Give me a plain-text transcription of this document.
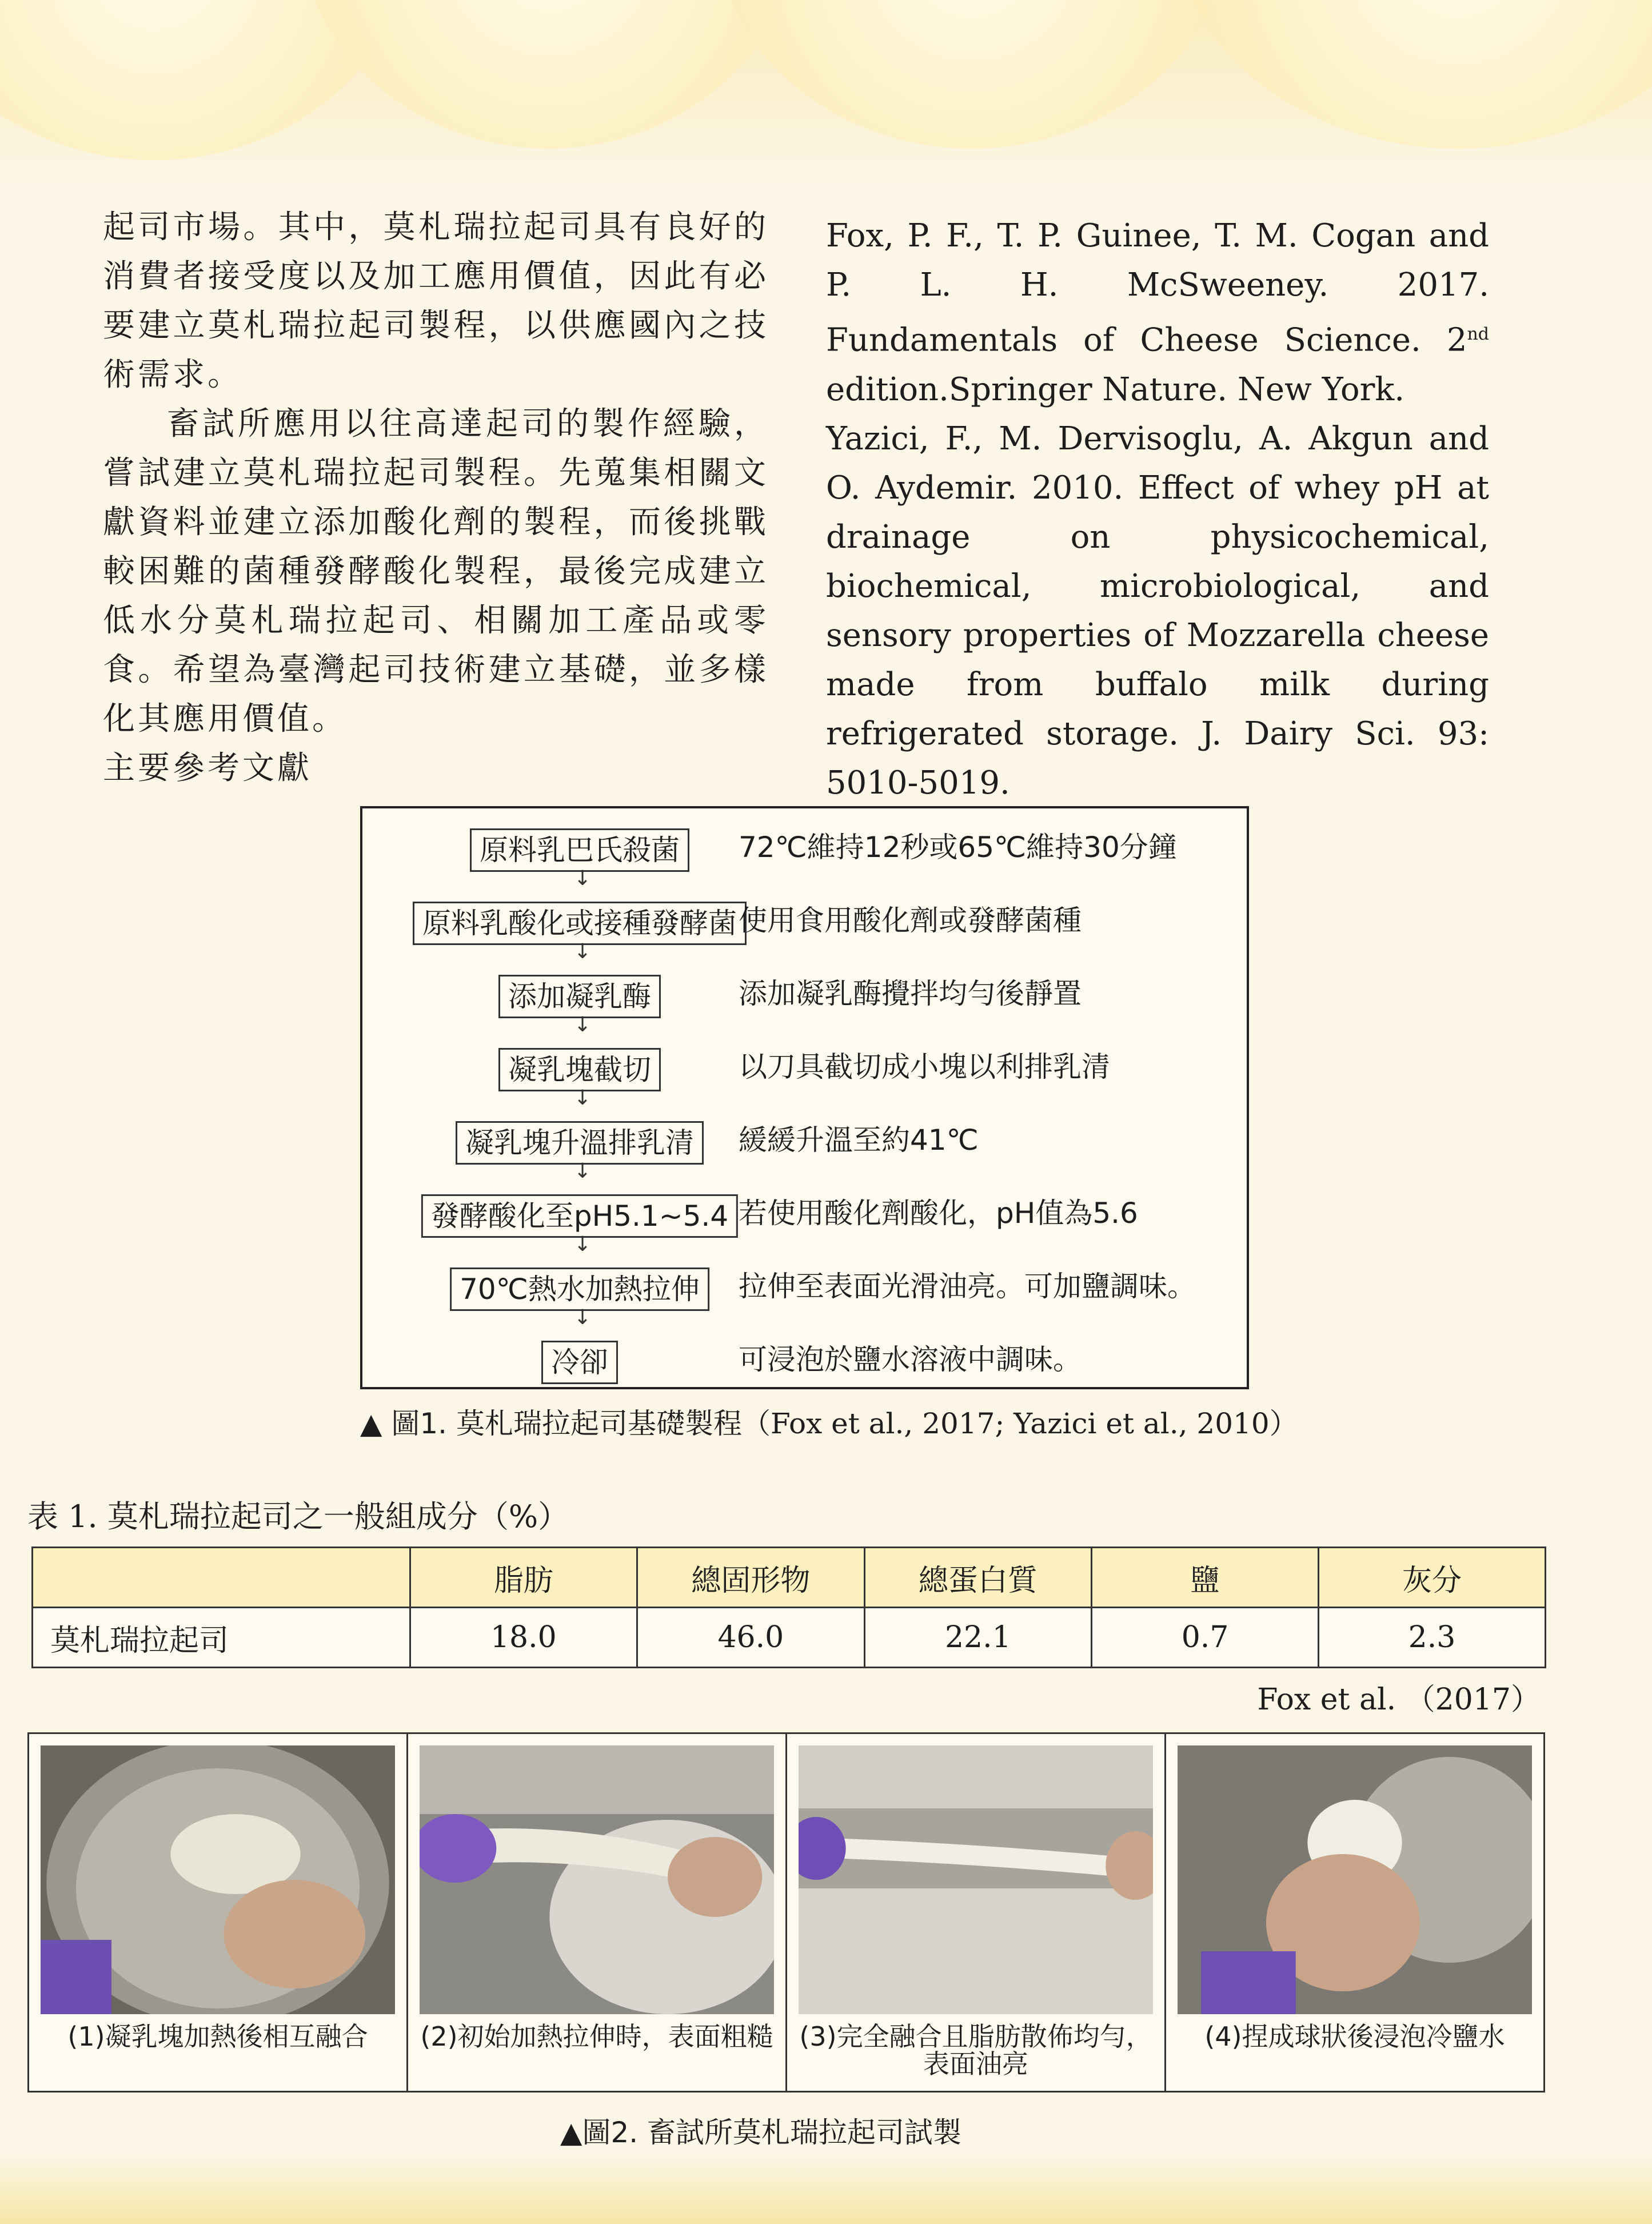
起司市場。其中，莫札瑞拉起司具有良好的消費者接受度以及加工應用價值，因此有必要建立莫札瑞拉起司製程，以供應國內之技術需求。

畜試所應用以往高達起司的製作經驗，嘗試建立莫札瑞拉起司製程。先蒐集相關文獻資料並建立添加酸化劑的製程，而後挑戰較困難的菌種發酵酸化製程，最後完成建立低水分莫札瑞拉起司、相關加工產品或零食。希望為臺灣起司技術建立基礎，並多樣化其應用價值。

主要參考文獻

Fox, P. F., T. P. Guinee, T. M. Cogan and P. L. H. McSweeney. 2017. Fundamentals of Cheese Science. 2nd edition.Springer Nature. New York.

Yazici, F., M. Dervisoglu, A. Akgun and O. Aydemir. 2010. Effect of whey pH at drainage on physicochemical, biochemical, microbiological, and sensory properties of Mozzarella cheese made from buffalo milk during refrigerated storage. J. Dairy Sci. 93: 5010-5019.

原料乳巴氏殺菌	72℃維持12秒或65℃維持30分鐘
↓
原料乳酸化或接種發酵菌 使用食用酸化劑或發酵菌種
↓
添加凝乳酶	添加凝乳酶攪拌均勻後靜置
↓
凝乳塊截切	以刀具截切成小塊以利排乳清
↓
凝乳塊升溫排乳清	緩緩升溫至約41℃
↓
發酵酸化至pH5.1~5.4 若使用酸化劑酸化，pH值為5.6
↓
70℃熱水加熱拉伸	拉伸至表面光滑油亮。可加鹽調味。
↓
冷卻	可浸泡於鹽水溶液中調味。
▲ 圖1. 莫札瑞拉起司基礎製程（Fox et al., 2017; Yazici et al., 2010）
表 1. 莫札瑞拉起司之一般組成分（%）
	脂肪	總固形物	總蛋白質	鹽	灰分
莫札瑞拉起司	18.0	46.0	22.1	0.7	2.3
Fox et al. （2017）
(1)凝乳塊加熱後相互融合	(2)初始加熱拉伸時，表面粗糙 (3)完全融合且脂肪散佈均勻，表面油亮
(4)捏成球狀後浸泡冷鹽水
▲圖2. 畜試所莫札瑞拉起司試製
